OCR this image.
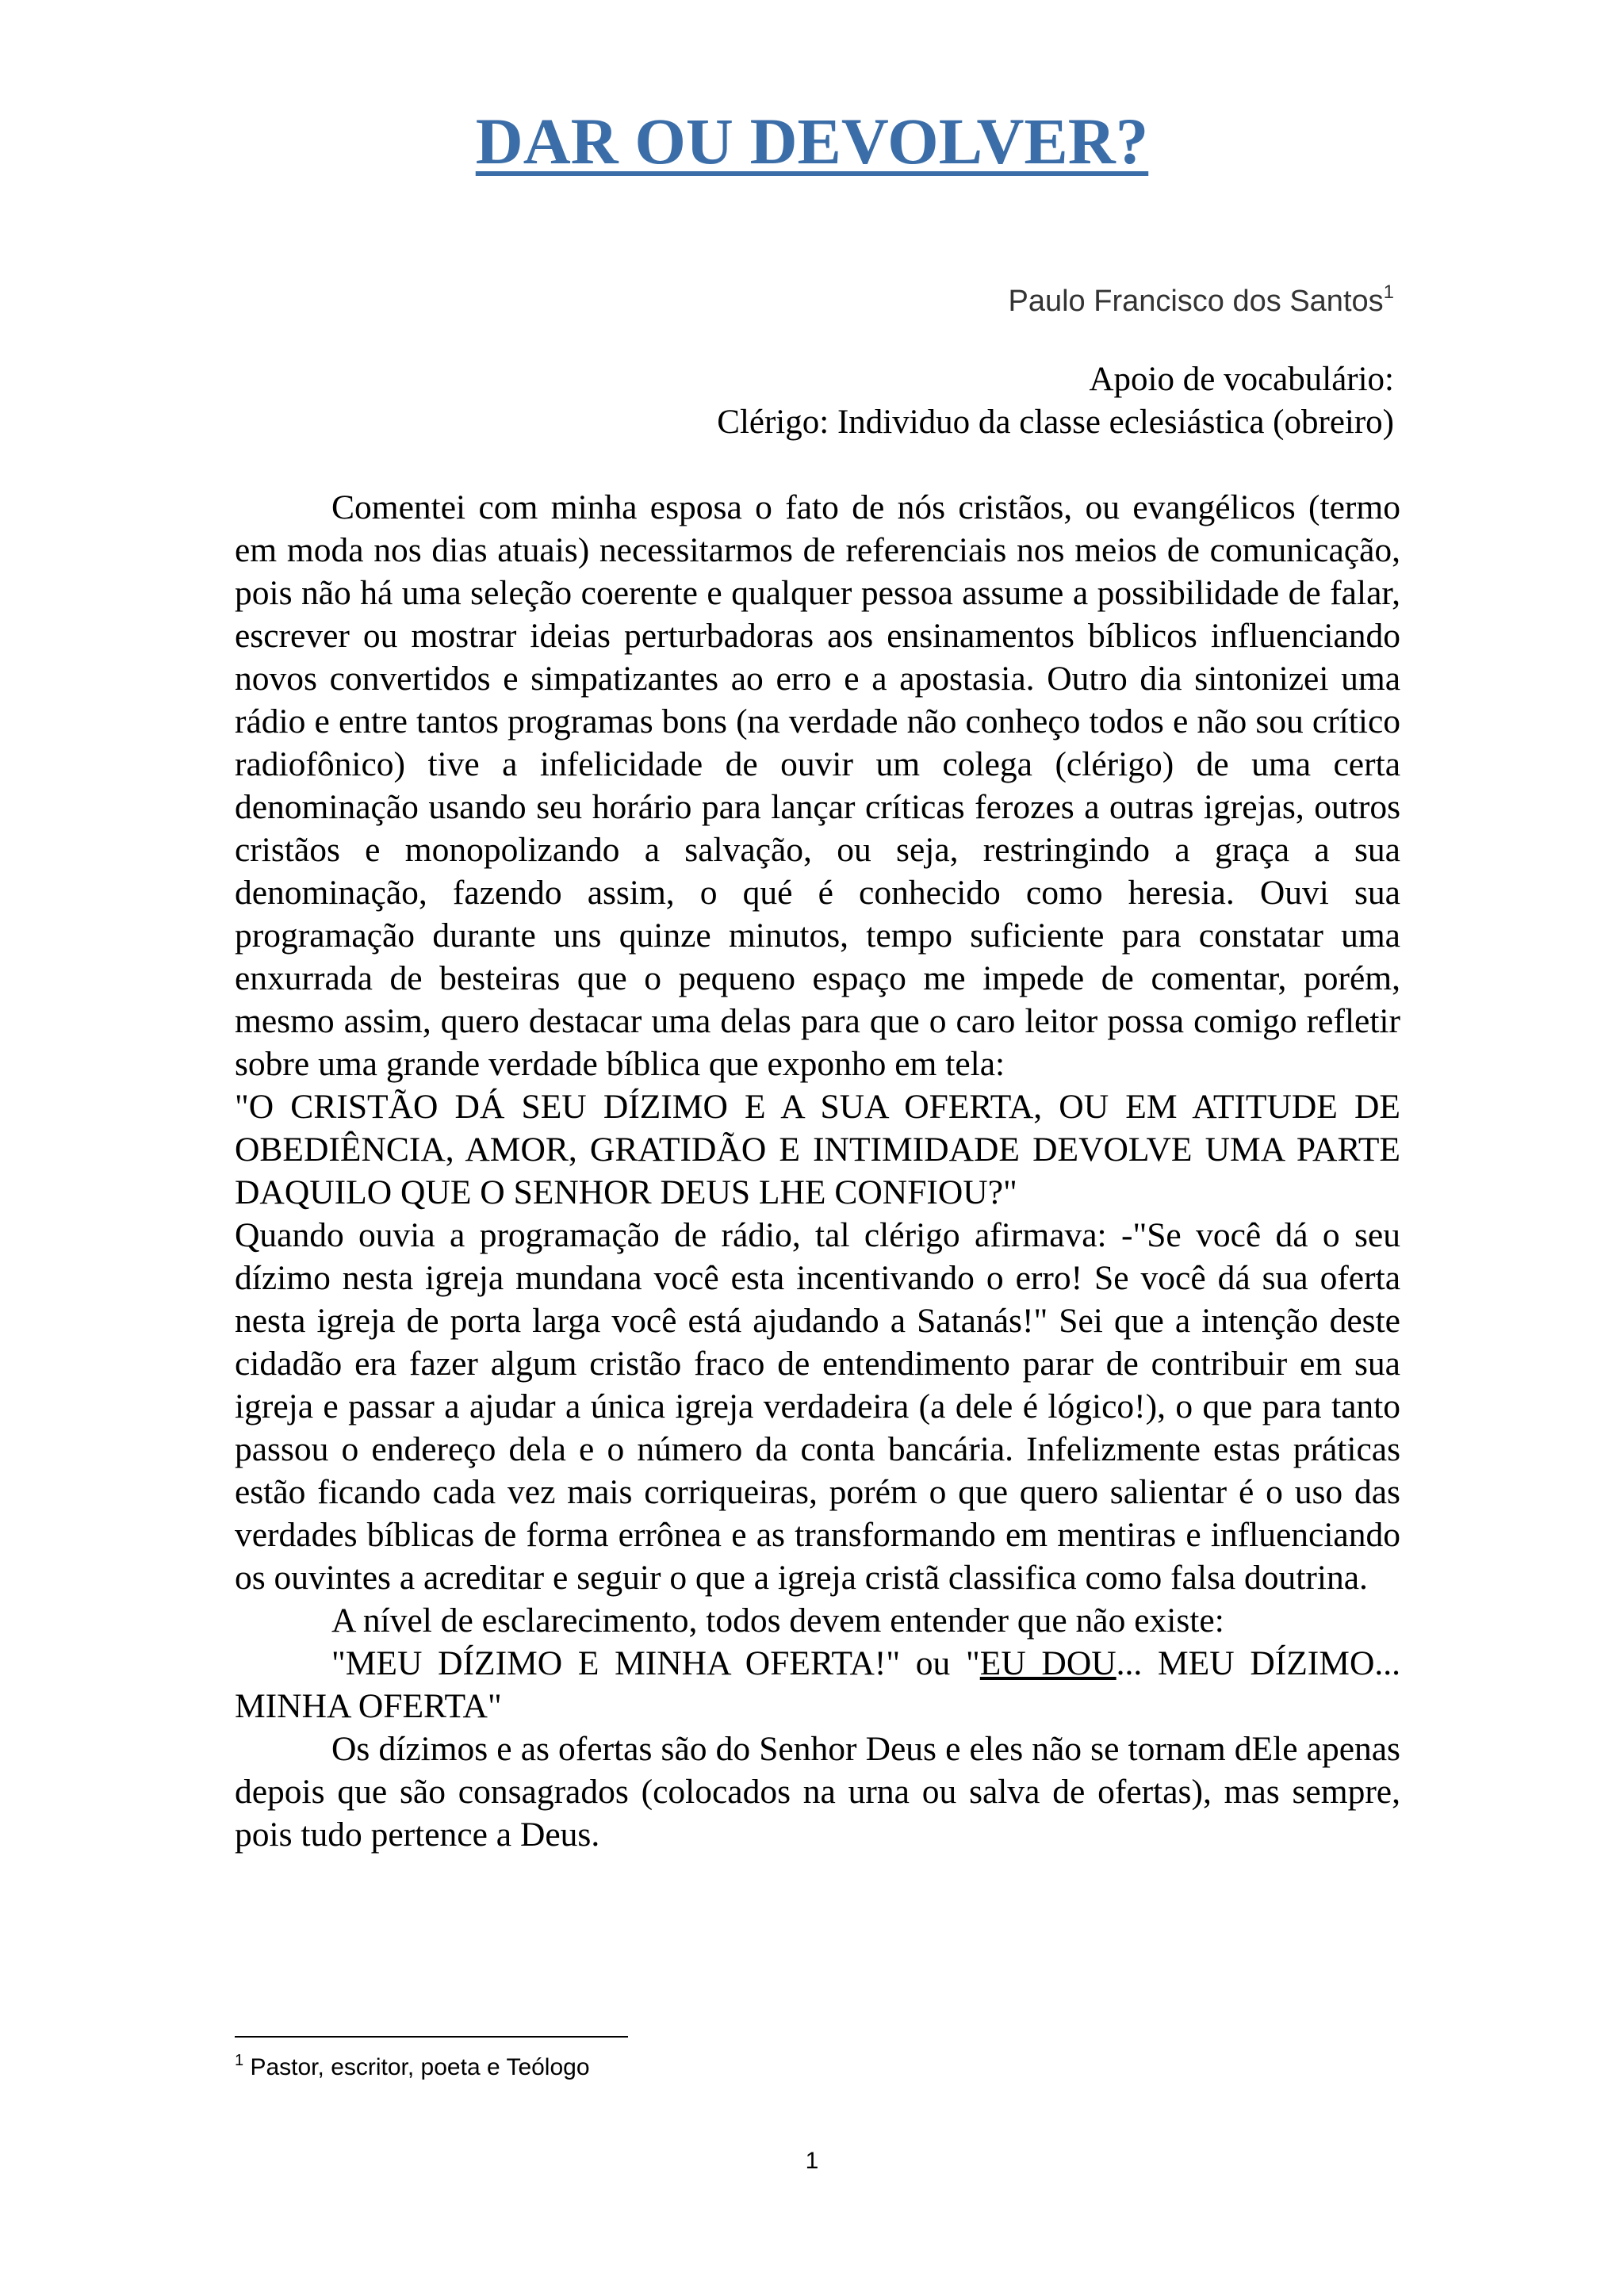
DAR OU DEVOLVER?
Paulo Francisco dos Santos$^1$
Apoio de vocabulário:
Clérigo: Individuo da classe eclesiástica (obreiro)

Comentei com minha esposa o fato de nós cristãos, ou evangélicos (termo em moda nos dias atuais) necessitarmos de referenciais nos meios de comunicação, pois não há uma seleção coerente e qualquer pessoa assume a possibilidade de falar, escrever ou mostrar ideias perturbadoras aos ensinamentos bíblicos influenciando novos convertidos e simpatizantes ao erro e a apostasia. Outro dia sintonizei uma rádio e entre tantos programas bons (na verdade não conheço todos e não sou crítico radiofônico) tive a infelicidade de ouvir um colega (clérigo) de uma certa denominação usando seu horário para lançar críticas ferozes a outras igrejas, outros cristãos e monopolizando a salvação, ou seja, restringindo a graça a sua denominação, fazendo assim, o qué é conhecido como heresia. Ouvi sua programação durante uns quinze minutos, tempo suficiente para constatar uma enxurrada de besteiras que o pequeno espaço me impede de comentar, porém, mesmo assim, quero destacar uma delas para que o caro leitor possa comigo refletir sobre uma grande verdade bíblica que exponho em tela:

"O CRISTÃO DÁ SEU DÍZIMO E A SUA OFERTA, OU EM ATITUDE DE OBEDIÊNCIA, AMOR, GRATIDÃO E INTIMIDADE DEVOLVE UMA PARTE DAQUILO QUE O SENHOR DEUS LHE CONFIOU?"

Quando ouvia a programação de rádio, tal clérigo afirmava: -"Se você dá o seu dízimo nesta igreja mundana você esta incentivando o erro! Se você dá sua oferta nesta igreja de porta larga você está ajudando a Satanás!" Sei que a intenção deste cidadão era fazer algum cristão fraco de entendimento parar de contribuir em sua igreja e passar a ajudar a única igreja verdadeira (a dele é lógico!), o que para tanto passou o endereço dela e o número da conta bancária. Infelizmente estas práticas estão ficando cada vez mais corriqueiras, porém o que quero salientar é o uso das verdades bíblicas de forma errônea e as transformando em mentiras e influenciando os ouvintes a acreditar e seguir o que a igreja cristã classifica como falsa doutrina.

A nível de esclarecimento, todos devem entender que não existe:

"MEU DÍZIMO E MINHA OFERTA!" ou "EU DOU... MEU DÍZIMO... MINHA OFERTA"

Os dízimos e as ofertas são do Senhor Deus e eles não se tornam dEle apenas depois que são consagrados (colocados na urna ou salva de ofertas), mas sempre, pois tudo pertence a Deus.

$^1$ Pastor, escritor, poeta e Teólogo
1
